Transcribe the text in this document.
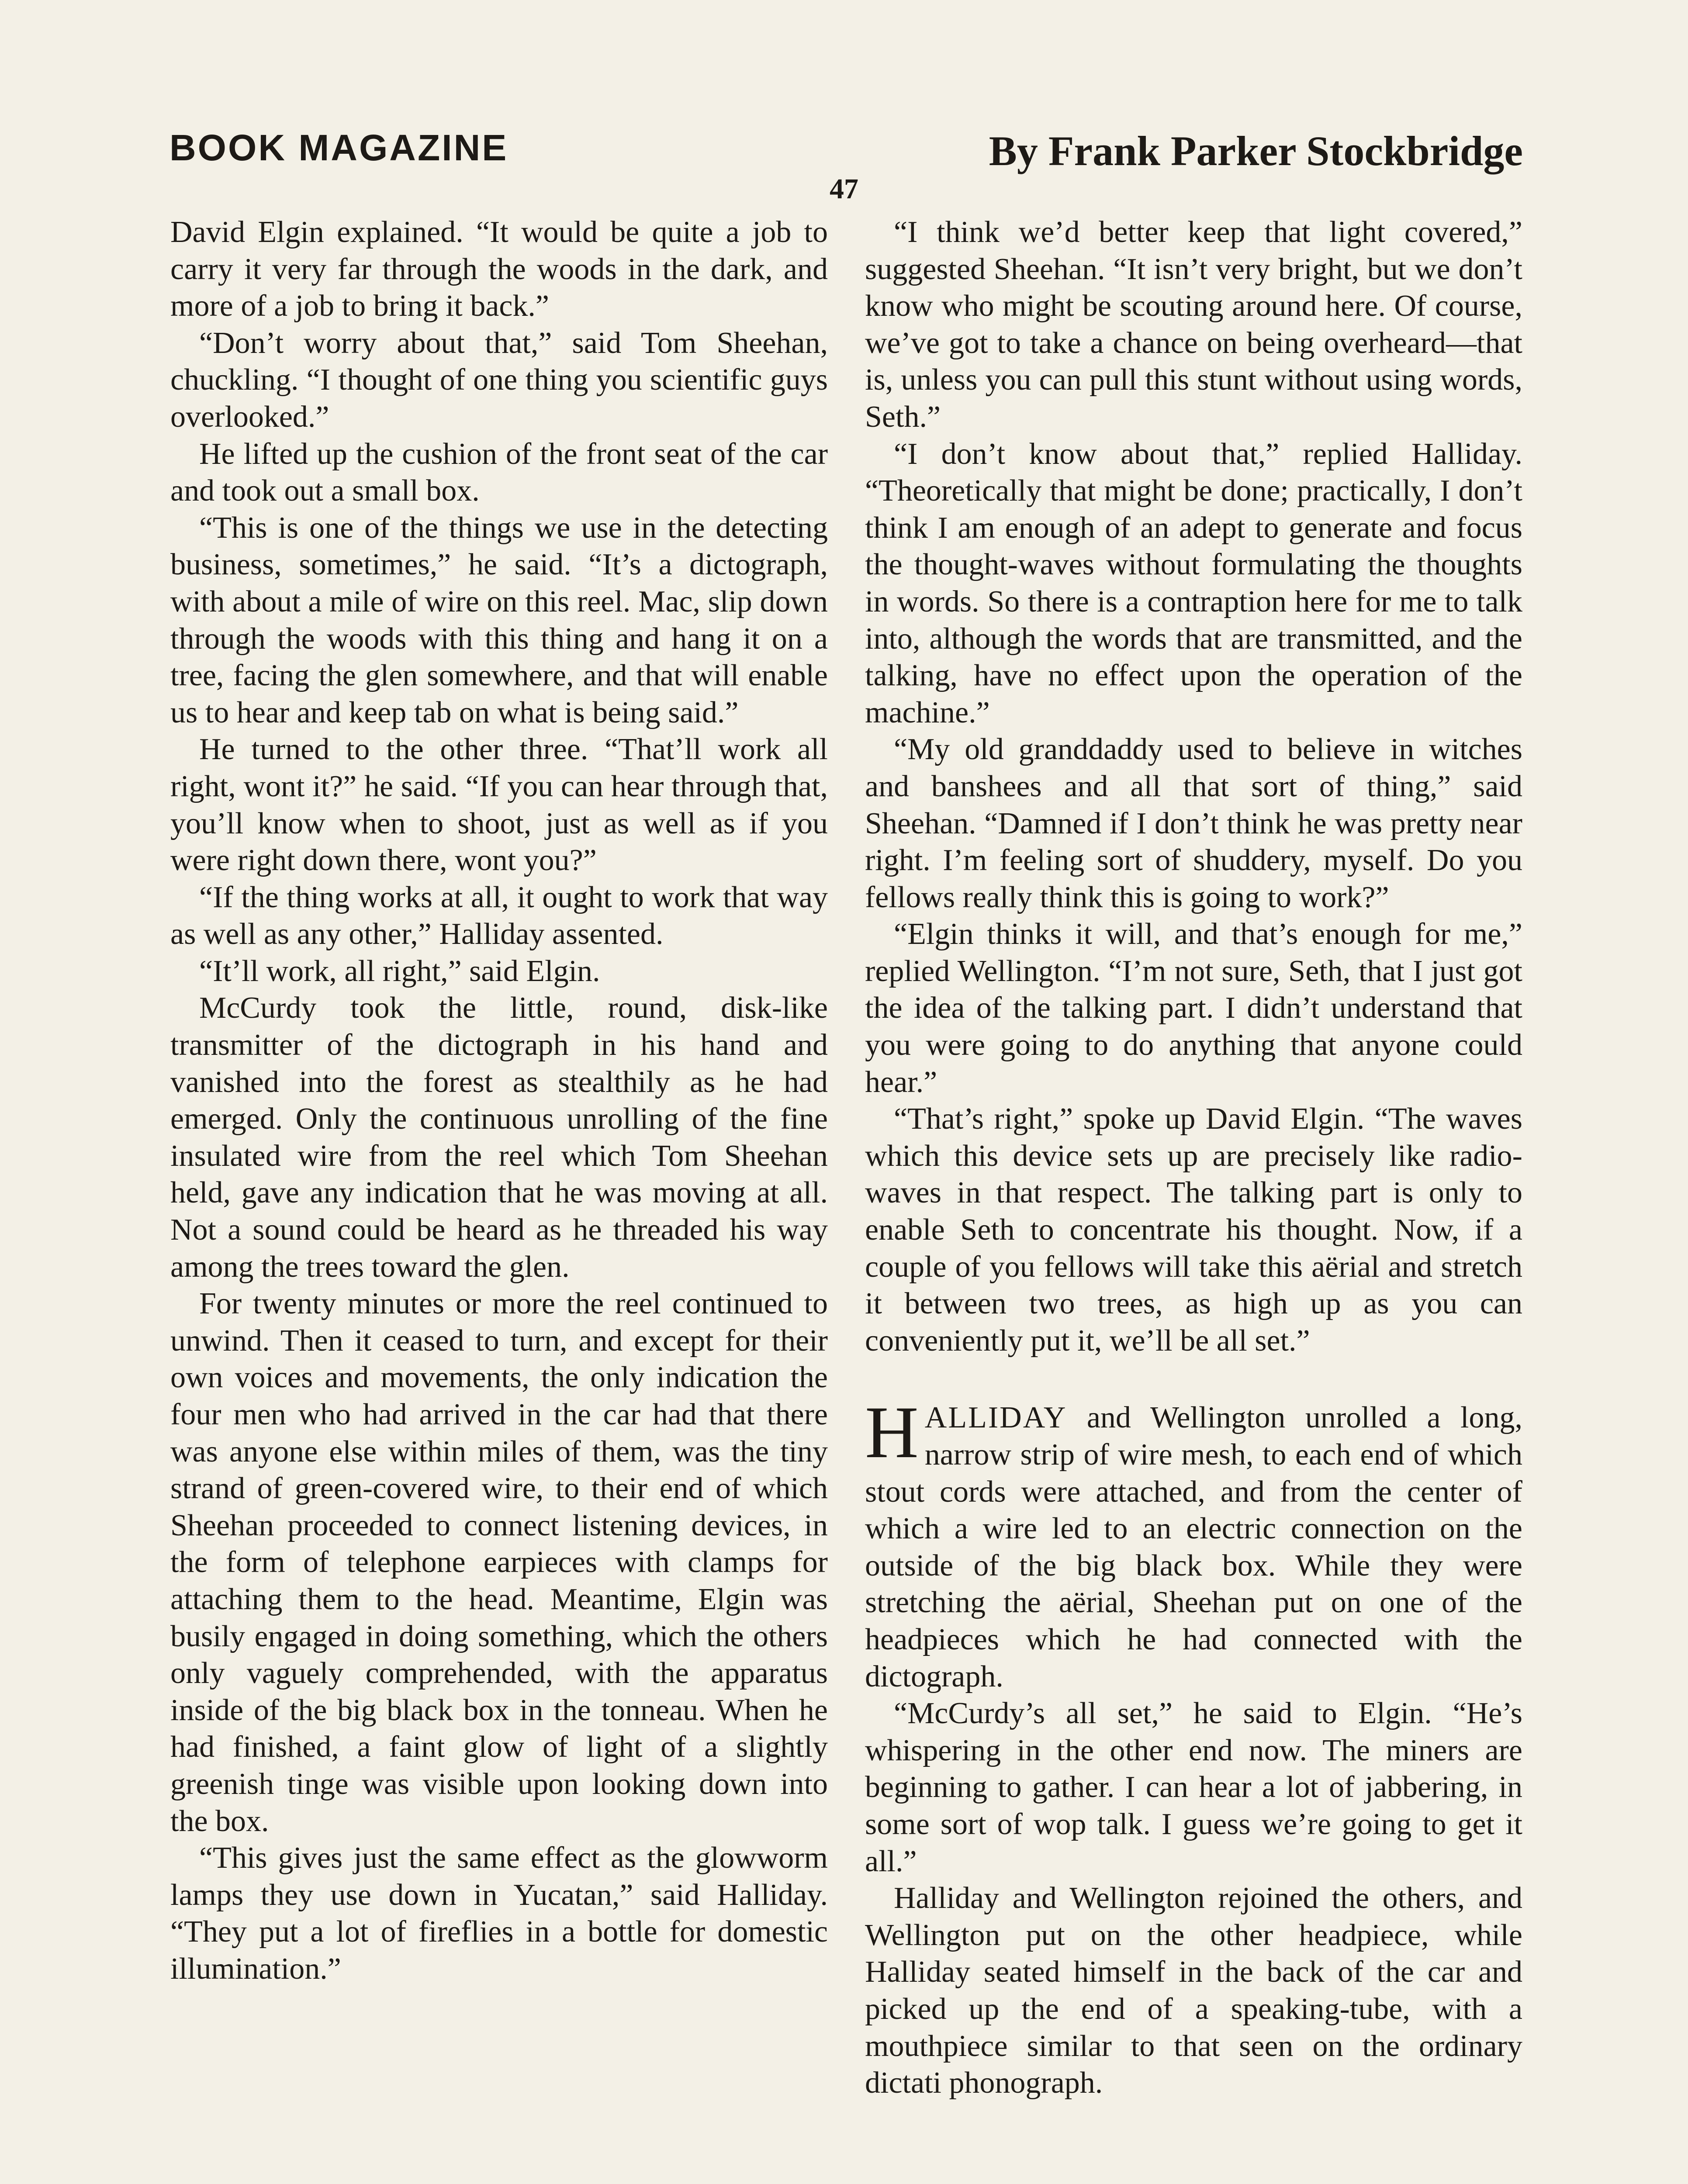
BOOK MAGAZINE	By Frank Parker Stockbridge
47

David Elgin explained. “It would be quite a job to carry it very far through the woods in the dark, and more of a job to bring it back.”

“Don’t worry about that,” said Tom Sheehan, chuckling. “I thought of one thing you scientific guys overlooked.”

He lifted up the cushion of the front seat of the car and took out a small box.

“This is one of the things we use in the detecting business, sometimes,” he said. “It’s a dictograph, with about a mile of wire on this reel. Mac, slip down through the woods with this thing and hang it on a tree, facing the glen somewhere, and that will enable us to hear and keep tab on what is being said.”

He turned to the other three. “That’ll work all right, wont it?” he said. “If you can hear through that, you’ll know when to shoot, just as well as if you were right down there, wont you?”

“If the thing works at all, it ought to work that way as well as any other,” Halliday assented.

“It’ll work, all right,” said Elgin.

McCurdy took the little, round, disk-like transmitter of the dictograph in his hand and vanished into the forest as stealthily as he had emerged. Only the continuous unrolling of the fine insulated wire from the reel which Tom Sheehan held, gave any indication that he was moving at all. Not a sound could be heard as he threaded his way among the trees toward the glen.

For twenty minutes or more the reel continued to unwind. Then it ceased to turn, and except for their own voices and movements, the only indication the four men who had arrived in the car had that there was anyone else within miles of them, was the tiny strand of green-covered wire, to their end of which Sheehan proceeded to connect listening devices, in the form of telephone earpieces with clamps for attaching them to the head. Meantime, Elgin was busily engaged in doing something, which the others only vaguely comprehended, with the apparatus inside of the big black box in the tonneau. When he had finished, a faint glow of light of a slightly greenish tinge was visible upon looking down into the box.

“This gives just the same effect as the glowworm lamps they use down in Yucatan,” said Halliday. “They put a lot of fireflies in a bottle for domestic illumination.”

“I think we’d better keep that light covered,” suggested Sheehan. “It isn’t very bright, but we don’t know who might be scouting around here. Of course, we’ve got to take a chance on being overheard—that is, unless you can pull this stunt without using words, Seth.”

“I don’t know about that,” replied Halliday. “Theoretically that might be done; practically, I don’t think I am enough of an adept to generate and focus the thought-waves without formulating the thoughts in words. So there is a contraption here for me to talk into, although the words that are transmitted, and the talking, have no effect upon the operation of the machine.”

“My old granddaddy used to believe in witches and banshees and all that sort of thing,” said Sheehan. “Damned if I don’t think he was pretty near right. I’m feeling sort of shuddery, myself. Do you fellows really think this is going to work?”

“Elgin thinks it will, and that’s enough for me,” replied Wellington. “I’m not sure, Seth, that I just got the idea of the talking part. I didn’t understand that you were going to do anything that anyone could hear.”

“That’s right,” spoke up David Elgin. “The waves which this device sets up are precisely like radio-waves in that respect. The talking part is only to enable Seth to concentrate his thought. Now, if a couple of you fellows will take this aërial and stretch it between two trees, as high up as you can conveniently put it, we’ll be all set.”

HALLIDAY and Wellington unrolled a long, narrow strip of wire mesh, to each end of which stout cords were attached, and from the center of which a wire led to an electric connection on the outside of the big black box. While they were stretching the aërial, Sheehan put on one of the headpieces which he had connected with the dictograph.

“McCurdy’s all set,” he said to Elgin. “He’s whispering in the other end now. The miners are beginning to gather. I can hear a lot of jabbering, in some sort of wop talk. I guess we’re going to get it all.”

Halliday and Wellington rejoined the others, and Wellington put on the other headpiece, while Halliday seated himself in the back of the car and picked up the end of a speaking-tube, with a mouthpiece similar to that seen on the ordinary dictati phonograph.
